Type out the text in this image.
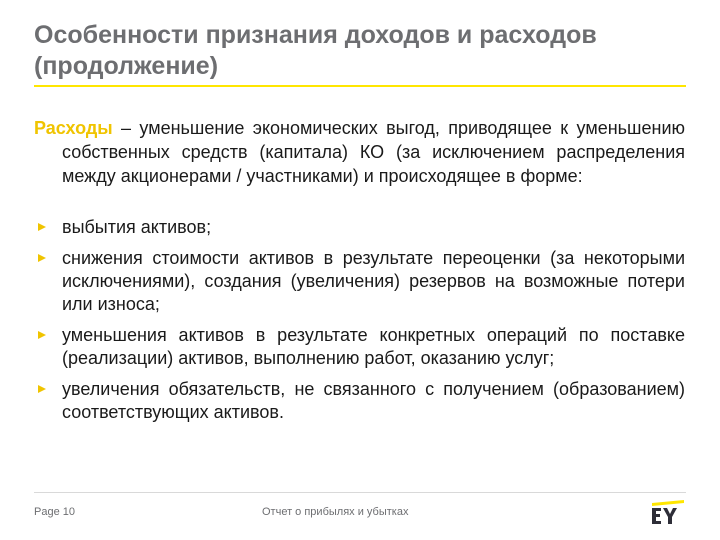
Особенности признания доходов и расходов (продолжение)

Расходы – уменьшение экономических выгод, приводящее к уменьшению собственных средств (капитала) КО (за исключением распределения между акционерами / участниками) и происходящее в форме:

выбытия активов;
снижения стоимости активов в результате переоценки (за некоторыми исключениями), создания (увеличения) резервов на возможные потери или износа;
уменьшения активов в результате конкретных операций по поставке (реализации) активов, выполнению работ, оказанию услуг;
увеличения обязательств, не связанного с получением (образованием) соответствующих активов.
Page 10	Отчет о прибылях и убытках
